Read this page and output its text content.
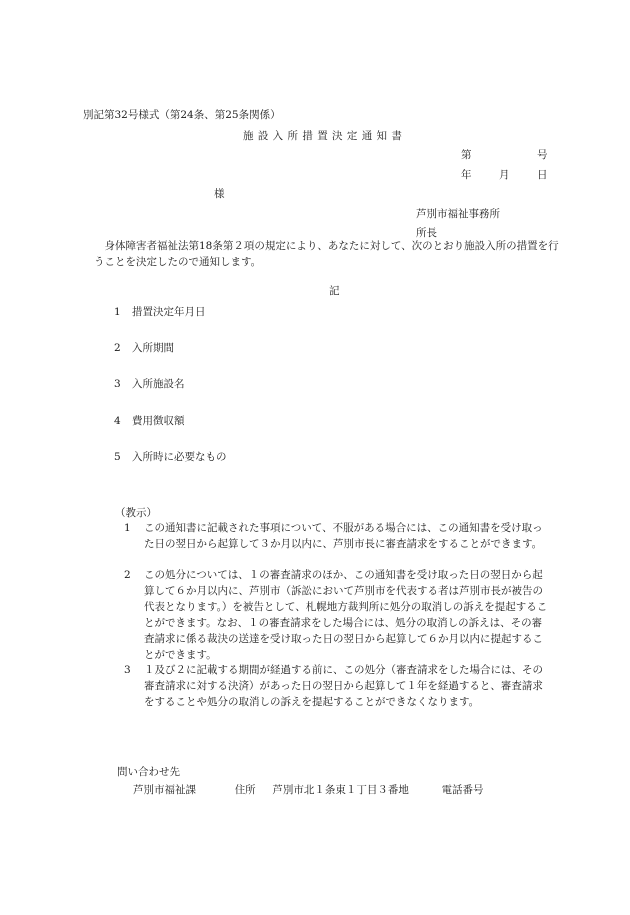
別記第32号様式（第24条、第25条関係）
施 設 入 所 措 置 決 定 通 知 書
第	号
年	月	日
様
芦別市福祉事務所
所長
身体障害者福祉法第18条第２項の規定により、あなたに対して、次のとおり施設入所の措置を行うことを決定したので通知します。
記
1 措置決定年月日
2 入所期間
3 入所施設名
4 費用徴収額
5 入所時に必要なもの
（教示）
1	この通知書に記載された事項について、不服がある場合には、この通知書を受け取った日の翌日から起算して３か月以内に、芦別市長に審査請求をすることができます。
2	この処分については、１の審査請求のほか、この通知書を受け取った日の翌日から起算して６か月以内に、芦別市（訴訟において芦別市を代表する者は芦別市長が被告の代表となります。）を被告として、札幌地方裁判所に処分の取消しの訴えを提起することができます。なお、１の審査請求をした場合には、処分の取消しの訴えは、その審査請求に係る裁決の送達を受け取った日の翌日から起算して６か月以内に提起することができます。
3	１及び２に記載する期間が経過する前に、この処分（審査請求をした場合には、その審査請求に対する決済）があった日の翌日から起算して１年を経過すると、審査請求をすることや処分の取消しの訴えを提起することができなくなります。
問い合わせ先
芦別市福祉課	住所 芦別市北１条東１丁目３番地	電話番号
